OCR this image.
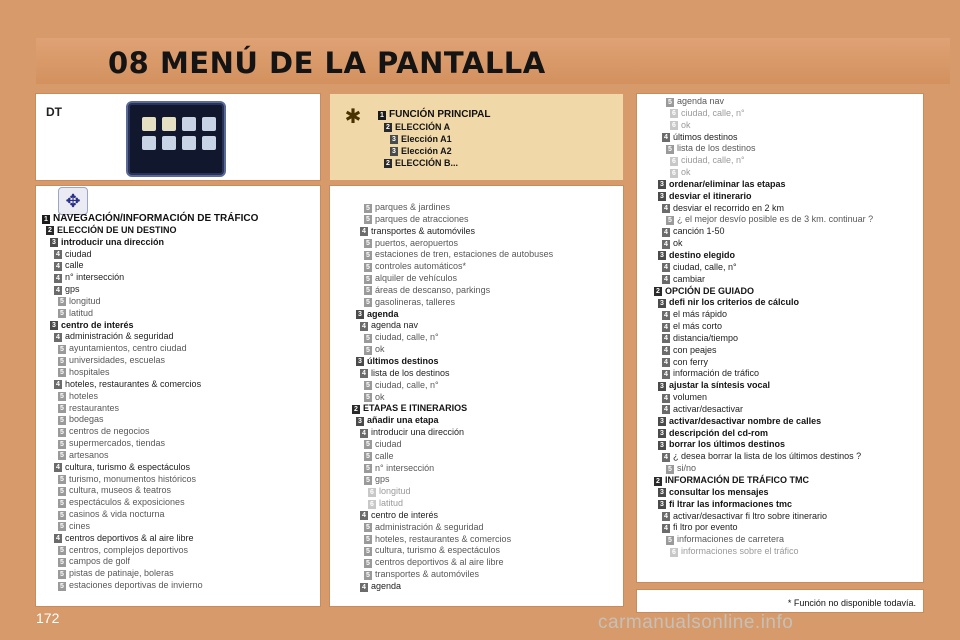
08 MENÚ DE LA PANTALLA
DT
✥
✱	1 FUNCIÓN PRINCIPAL
2 ELECCIÓN A
3 Elección A1
3 Elección A2
2 ELECCIÓN B...
1 NAVEGACIÓN/INFORMACIÓN DE TRÁFICO
2 ELECCIÓN DE UN DESTINO
3 introducir una dirección
4 ciudad
4 calle
4 n° intersección
4 gps
5 longitud
5 latitud
3 centro de interés
4 administración & seguridad
5 ayuntamientos, centro ciudad
5 universidades, escuelas
5 hospitales
4 hoteles, restaurantes & comercios
5 hoteles
5 restaurantes
5 bodegas
5 centros de negocios
5 supermercados, tiendas
5 artesanos
4 cultura, turismo & espectáculos
5 turismo, monumentos históricos
5 cultura, museos & teatros
5 espectáculos & exposiciones
5 casinos & vida nocturna
5 cines
4 centros deportivos & al aire libre
5 centros, complejos deportivos
5 campos de golf
5 pistas de patinaje, boleras
5 estaciones deportivas de invierno
5 parques & jardines
5 parques de atracciones
4 transportes & automóviles
5 puertos, aeropuertos
5 estaciones de tren, estaciones de autobuses
5 controles automáticos*
5 alquiler de vehículos
5 áreas de descanso, parkings
5 gasolineras, talleres
3 agenda
4 agenda nav
5 ciudad, calle, n°
5 ok
3 últimos destinos
4 lista de los destinos
5 ciudad, calle, n°
5 ok
2 ETAPAS E ITINERARIOS
3 añadir una etapa
4 introducir una dirección
5 ciudad
5 calle
5 n° intersección
5 gps
6 longitud
6 latitud
4 centro de interés
5 administración & seguridad
5 hoteles, restaurantes & comercios
5 cultura, turismo & espectáculos
5 centros deportivos & al aire libre
5 transportes & automóviles
4 agenda
5 agenda nav
6 ciudad, calle, n°
6 ok
4 últimos destinos
5 lista de los destinos
6 ciudad, calle, n°
6 ok
3 ordenar/eliminar las etapas
3 desviar el itinerario
4 desviar el recorrido en 2 km
5 ¿ el mejor desvío posible es de 3 km. continuar ?
4 canción 1-50
4 ok
3 destino elegido
4 ciudad, calle, n°
4 cambiar
2 OPCIÓN DE GUIADO
3 defi nir los criterios de cálculo
4 el más rápido
4 el más corto
4 distancia/tiempo
4 con peajes
4 con ferry
4 información de tráfico
3 ajustar la síntesis vocal
4 volumen
4 activar/desactivar
3 activar/desactivar nombre de calles
3 descripción del cd-rom
3 borrar los últimos destinos
4 ¿ desea borrar la lista de los últimos destinos ?
5 si/no
2 INFORMACIÓN DE TRÁFICO TMC
3 consultar los mensajes
3 fi ltrar las informaciones tmc
4 activar/desactivar fi ltro sobre itinerario
4 fi ltro por evento
5 informaciones de carretera
6 informaciones sobre el tráfico
* Función no disponible todavía.
172	carmanualsonline.info
